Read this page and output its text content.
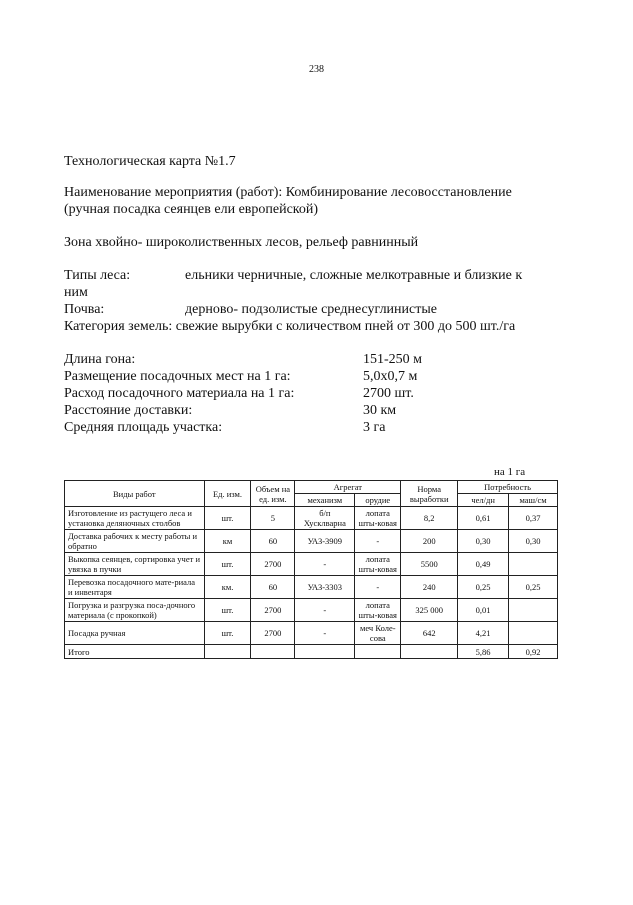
238
Технологическая карта №1.7
Наименование мероприятия (работ): Комбинирование лесовосстановление
(ручная посадка сеянцев ели европейской)
Зона хвойно- широколиственных лесов, рельеф равнинный
Типы леса:	ельники черничные, сложные мелкотравные и близкие к
ним
Почва:	дерново- подзолистые среднесуглинистые
Категория земель: свежие вырубки с количеством пней от 300 до 500 шт./га
Длина гона:	151-250 м
Размещение посадочных мест на 1 га:	5,0х0,7 м
Расход посадочного материала на 1 га:	2700 шт.
Расстояние доставки:	30 км
Средняя площадь участка:	3 га
на 1 га
Виды работ	Ед. изм.	Объем на ед. изм.	Агрегат		Норма выработки	Потребность	
			механизм	орудие		чел/дн	маш/см
Изготовление из растущего леса и установка деляночных столбов	шт.	5	б/п Хусклварна	лопата шты-ковая	8,2	0,61	0,37
Доставка рабочих к месту работы и обратно	км	60	УАЗ-3909	-	200	0,30	0,30
Выкопка сеянцев, сортировка учет и увязка в пучки	шт.	2700	-	лопата шты-ковая	5500	0,49	
Перевозка посадочного мате-риала и инвентаря	км.	60	УАЗ-3303	-	240	0,25	0,25
Погрузка и разгрузка поса-дочного материала (с прокопкой)	шт.	2700	-	лопата шты-ковая	325 000	0,01	
Посадка ручная	шт.	2700	-	меч Коле-сова	642	4,21	
Итого						5,86	0,92
